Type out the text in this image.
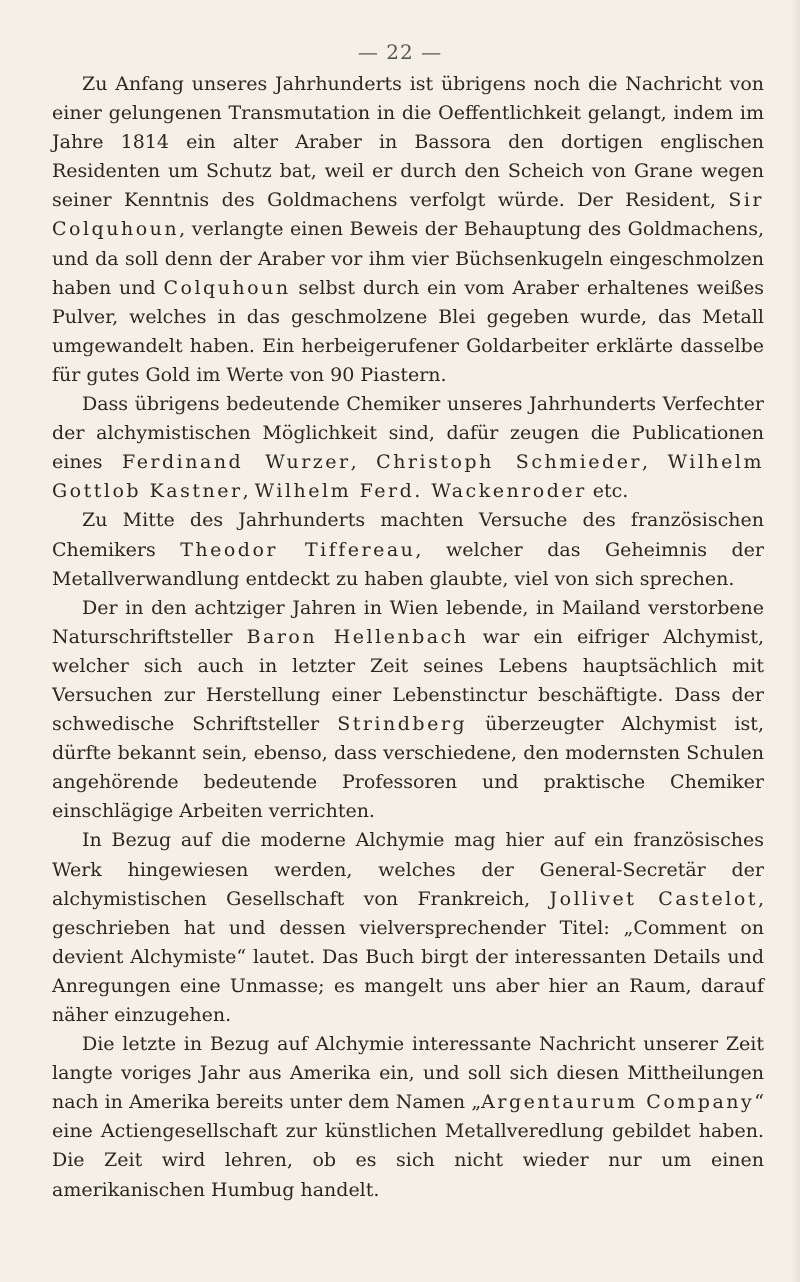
— 22 —

Zu Anfang unseres Jahrhunderts ist übrigens noch die Nachricht von einer gelungenen Transmutation in die Oeffentlichkeit gelangt, indem im Jahre 1814 ein alter Araber in Bassora den dortigen englischen Residenten um Schutz bat, weil er durch den Scheich von Grane wegen seiner Kenntnis des Goldmachens verfolgt würde. Der Resident, Sir Colquhoun, verlangte einen Beweis der Behauptung des Goldmachens, und da soll denn der Araber vor ihm vier Büchsenkugeln eingeschmolzen haben und Colquhoun selbst durch ein vom Araber erhaltenes weißes Pulver, welches in das geschmolzene Blei gegeben wurde, das Metall umgewandelt haben. Ein herbeigerufener Goldarbeiter erklärte dasselbe für gutes Gold im Werte von 90 Piastern.

Dass übrigens bedeutende Chemiker unseres Jahrhunderts Verfechter der alchymistischen Möglichkeit sind, dafür zeugen die Publicationen eines Ferdinand Wurzer, Christoph Schmieder, Wilhelm Gottlob Kastner, Wilhelm Ferd. Wackenroder etc.

Zu Mitte des Jahrhunderts machten Versuche des französischen Chemikers Theodor Tiffereau, welcher das Geheimnis der Metallverwandlung entdeckt zu haben glaubte, viel von sich sprechen.

Der in den achtziger Jahren in Wien lebende, in Mailand verstorbene Naturschriftsteller Baron Hellenbach war ein eifriger Alchymist, welcher sich auch in letzter Zeit seines Lebens hauptsächlich mit Versuchen zur Herstellung einer Lebenstinctur beschäftigte. Dass der schwedische Schriftsteller Strindberg überzeugter Alchymist ist, dürfte bekannt sein, ebenso, dass verschiedene, den modernsten Schulen angehörende bedeutende Professoren und praktische Chemiker einschlägige Arbeiten verrichten.

In Bezug auf die moderne Alchymie mag hier auf ein französisches Werk hingewiesen werden, welches der General-Secretär der alchymistischen Gesellschaft von Frankreich, Jollivet Castelot, geschrieben hat und dessen vielversprechender Titel: „Comment on devient Alchymiste“ lautet. Das Buch birgt der interessanten Details und Anregungen eine Unmasse; es mangelt uns aber hier an Raum, darauf näher einzugehen.

Die letzte in Bezug auf Alchymie interessante Nachricht unserer Zeit langte voriges Jahr aus Amerika ein, und soll sich diesen Mittheilungen nach in Amerika bereits unter dem Namen „Argentaurum Company“ eine Actiengesellschaft zur künstlichen Metallveredlung gebildet haben. Die Zeit wird lehren, ob es sich nicht wieder nur um einen amerikanischen Humbug handelt.
